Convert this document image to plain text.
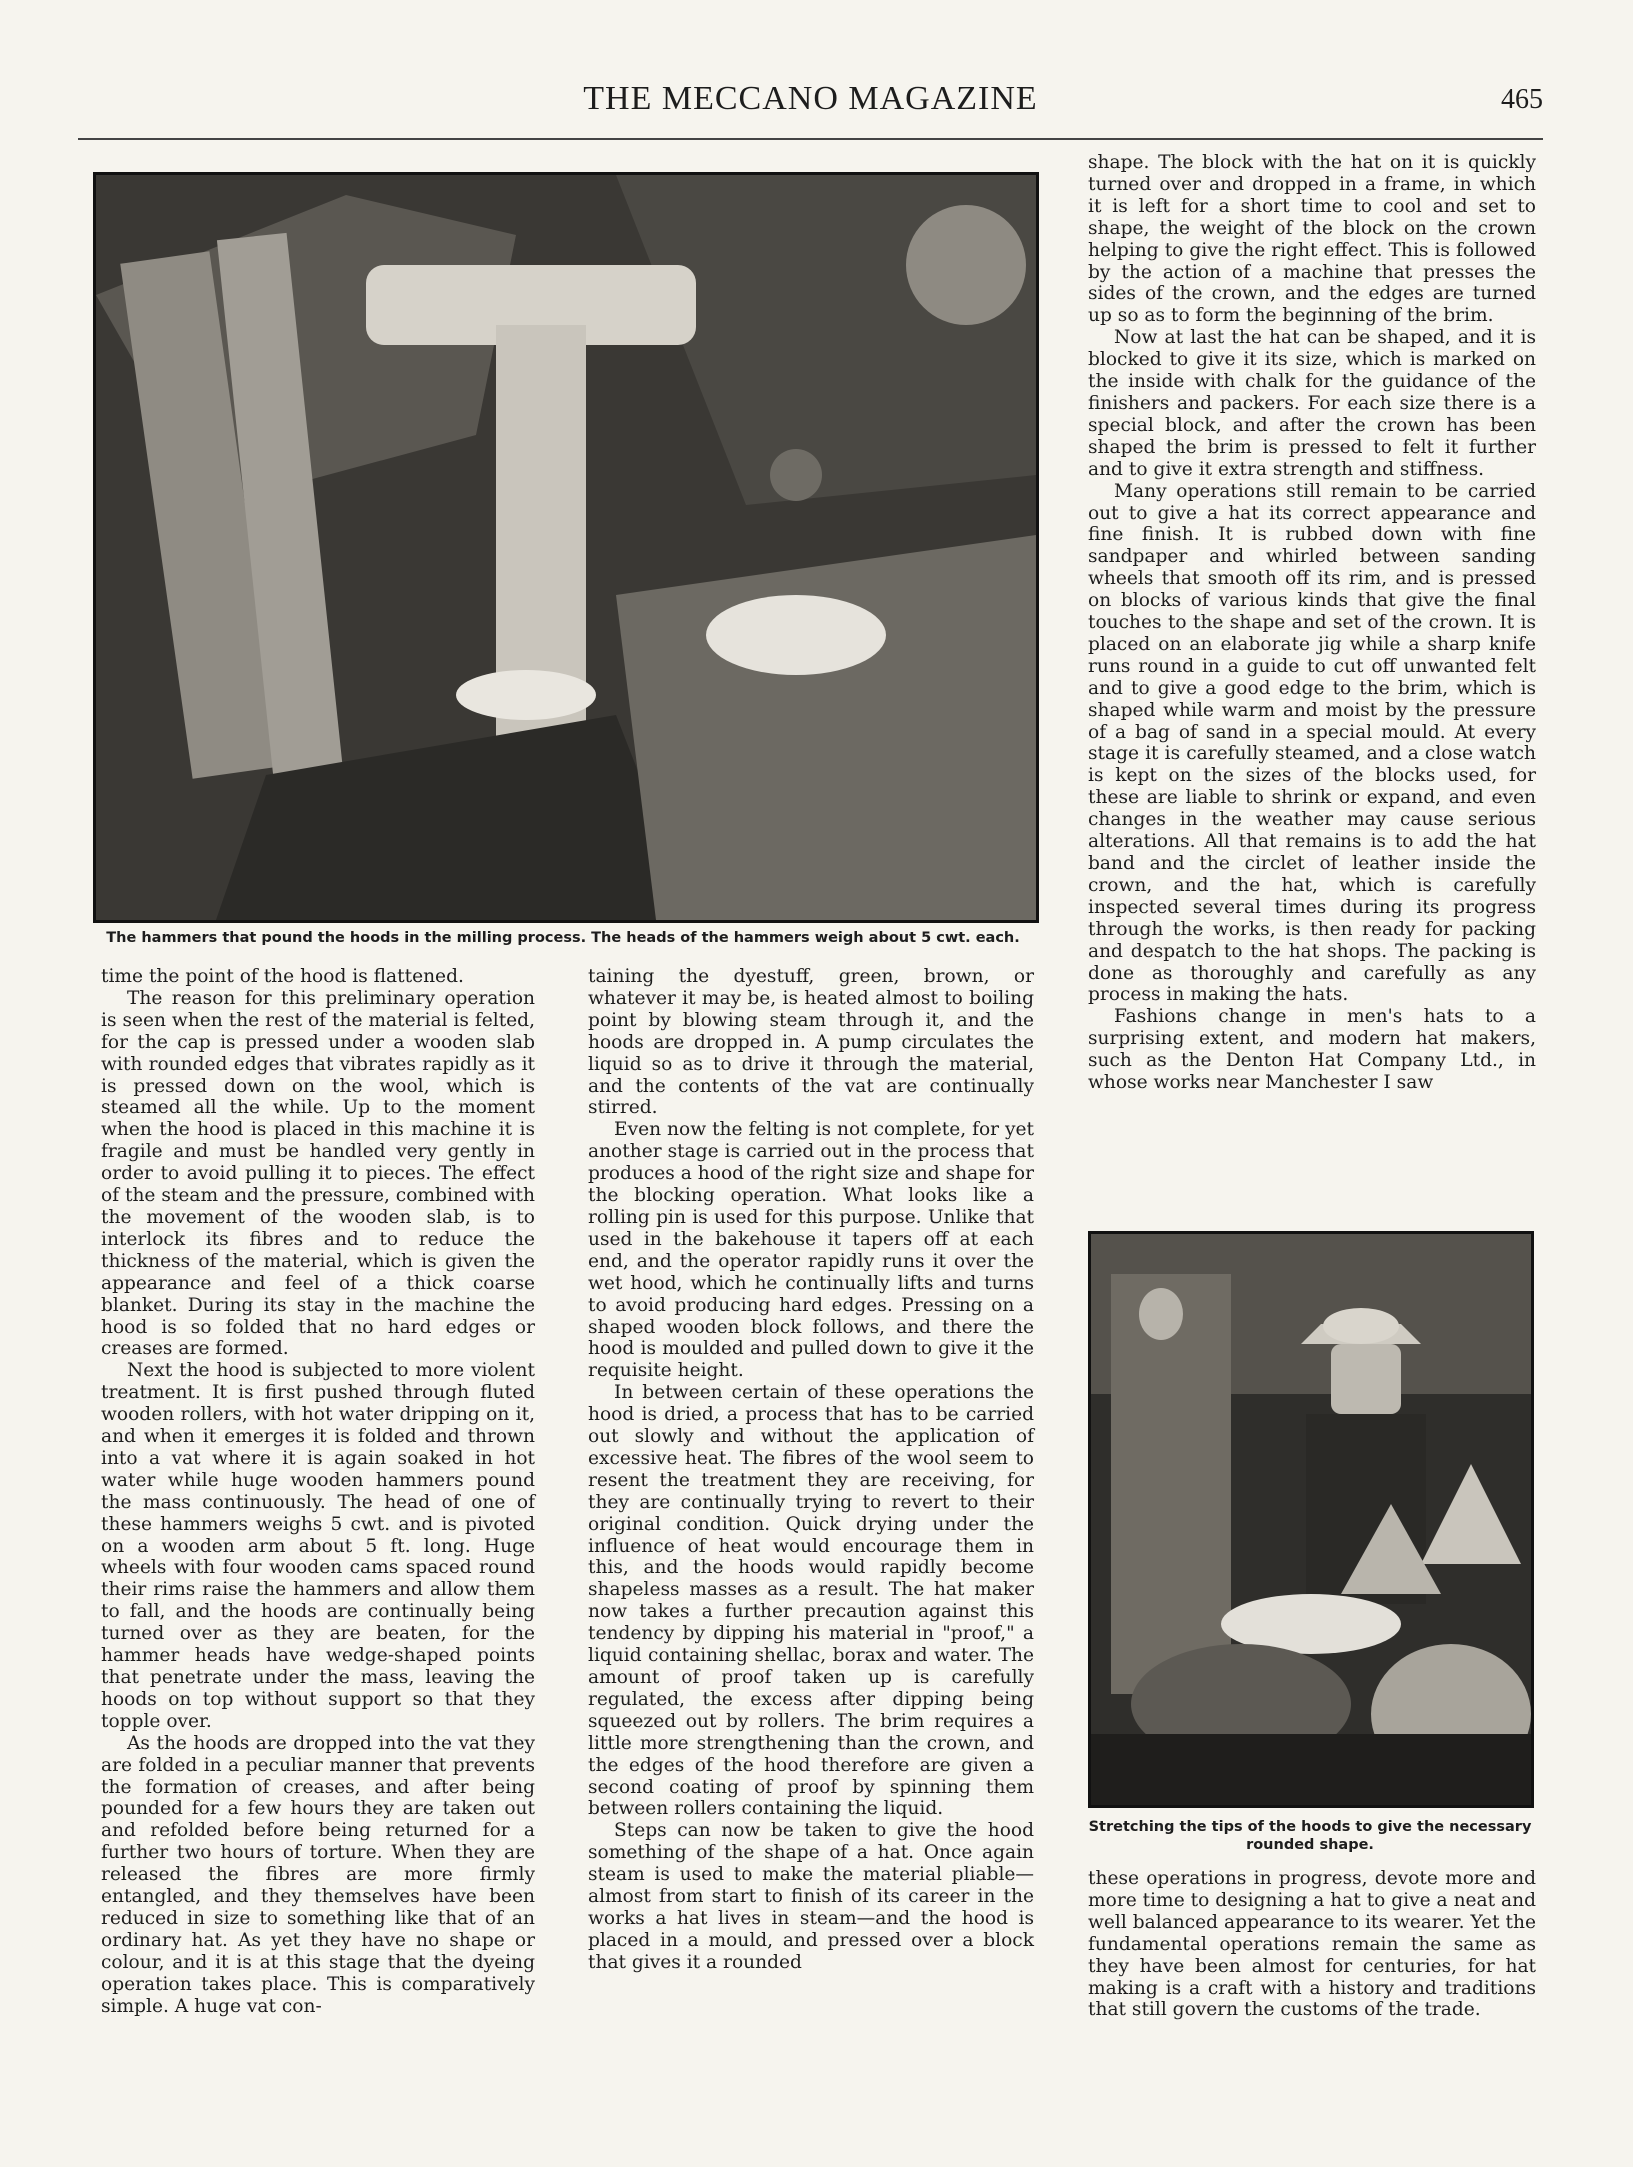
THE MECCANO MAGAZINE	465
The hammers that pound the hoods in the milling process. The heads of the hammers weigh about 5 cwt. each.
Stretching the tips of the hoods to give the necessary rounded shape.

time the point of the hood is flattened.

The reason for this preliminary operation is seen when the rest of the material is felted, for the cap is pressed under a wooden slab with rounded edges that vibrates rapidly as it is pressed down on the wool, which is steamed all the while. Up to the moment when the hood is placed in this machine it is fragile and must be handled very gently in order to avoid pulling it to pieces. The effect of the steam and the pressure, combined with the movement of the wooden slab, is to interlock its fibres and to reduce the thickness of the material, which is given the appearance and feel of a thick coarse blanket. During its stay in the machine the hood is so folded that no hard edges or creases are formed.

Next the hood is subjected to more violent treatment. It is first pushed through fluted wooden rollers, with hot water dripping on it, and when it emerges it is folded and thrown into a vat where it is again soaked in hot water while huge wooden hammers pound the mass continuously. The head of one of these hammers weighs 5 cwt. and is pivoted on a wooden arm about 5 ft. long. Huge wheels with four wooden cams spaced round their rims raise the hammers and allow them to fall, and the hoods are continually being turned over as they are beaten, for the hammer heads have wedge-shaped points that penetrate under the mass, leaving the hoods on top without support so that they topple over.

As the hoods are dropped into the vat they are folded in a peculiar manner that prevents the formation of creases, and after being pounded for a few hours they are taken out and refolded before being returned for a further two hours of torture. When they are released the fibres are more firmly entangled, and they themselves have been reduced in size to something like that of an ordinary hat. As yet they have no shape or colour, and it is at this stage that the dyeing operation takes place. This is comparatively simple. A huge vat con-

taining the dyestuff, green, brown, or whatever it may be, is heated almost to boiling point by blowing steam through it, and the hoods are dropped in. A pump circulates the liquid so as to drive it through the material, and the contents of the vat are continually stirred.

Even now the felting is not complete, for yet another stage is carried out in the process that produces a hood of the right size and shape for the blocking operation. What looks like a rolling pin is used for this purpose. Unlike that used in the bakehouse it tapers off at each end, and the operator rapidly runs it over the wet hood, which he continually lifts and turns to avoid producing hard edges. Pressing on a shaped wooden block follows, and there the hood is moulded and pulled down to give it the requisite height.

In between certain of these operations the hood is dried, a process that has to be carried out slowly and without the application of excessive heat. The fibres of the wool seem to resent the treatment they are receiving, for they are continually trying to revert to their original condition. Quick drying under the influence of heat would encourage them in this, and the hoods would rapidly become shapeless masses as a result. The hat maker now takes a further precaution against this tendency by dipping his material in "proof," a liquid containing shellac, borax and water. The amount of proof taken up is carefully regulated, the excess after dipping being squeezed out by rollers. The brim requires a little more strengthening than the crown, and the edges of the hood therefore are given a second coating of proof by spinning them between rollers containing the liquid.

Steps can now be taken to give the hood something of the shape of a hat. Once again steam is used to make the material pliable—almost from start to finish of its career in the works a hat lives in steam—and the hood is placed in a mould, and pressed over a block that gives it a rounded

shape. The block with the hat on it is quickly turned over and dropped in a frame, in which it is left for a short time to cool and set to shape, the weight of the block on the crown helping to give the right effect. This is followed by the action of a machine that presses the sides of the crown, and the edges are turned up so as to form the beginning of the brim.

Now at last the hat can be shaped, and it is blocked to give it its size, which is marked on the inside with chalk for the guidance of the finishers and packers. For each size there is a special block, and after the crown has been shaped the brim is pressed to felt it further and to give it extra strength and stiffness.

Many operations still remain to be carried out to give a hat its correct appearance and fine finish. It is rubbed down with fine sandpaper and whirled between sanding wheels that smooth off its rim, and is pressed on blocks of various kinds that give the final touches to the shape and set of the crown. It is placed on an elaborate jig while a sharp knife runs round in a guide to cut off unwanted felt and to give a good edge to the brim, which is shaped while warm and moist by the pressure of a bag of sand in a special mould. At every stage it is carefully steamed, and a close watch is kept on the sizes of the blocks used, for these are liable to shrink or expand, and even changes in the weather may cause serious alterations. All that remains is to add the hat band and the circlet of leather inside the crown, and the hat, which is carefully inspected several times during its progress through the works, is then ready for packing and despatch to the hat shops. The packing is done as thoroughly and carefully as any process in making the hats.

Fashions change in men's hats to a surprising extent, and modern hat makers, such as the Denton Hat Company Ltd., in whose works near Manchester I saw

these operations in progress, devote more and more time to designing a hat to give a neat and well balanced appearance to its wearer. Yet the fundamental operations remain the same as they have been almost for centuries, for hat making is a craft with a history and traditions that still govern the customs of the trade.
